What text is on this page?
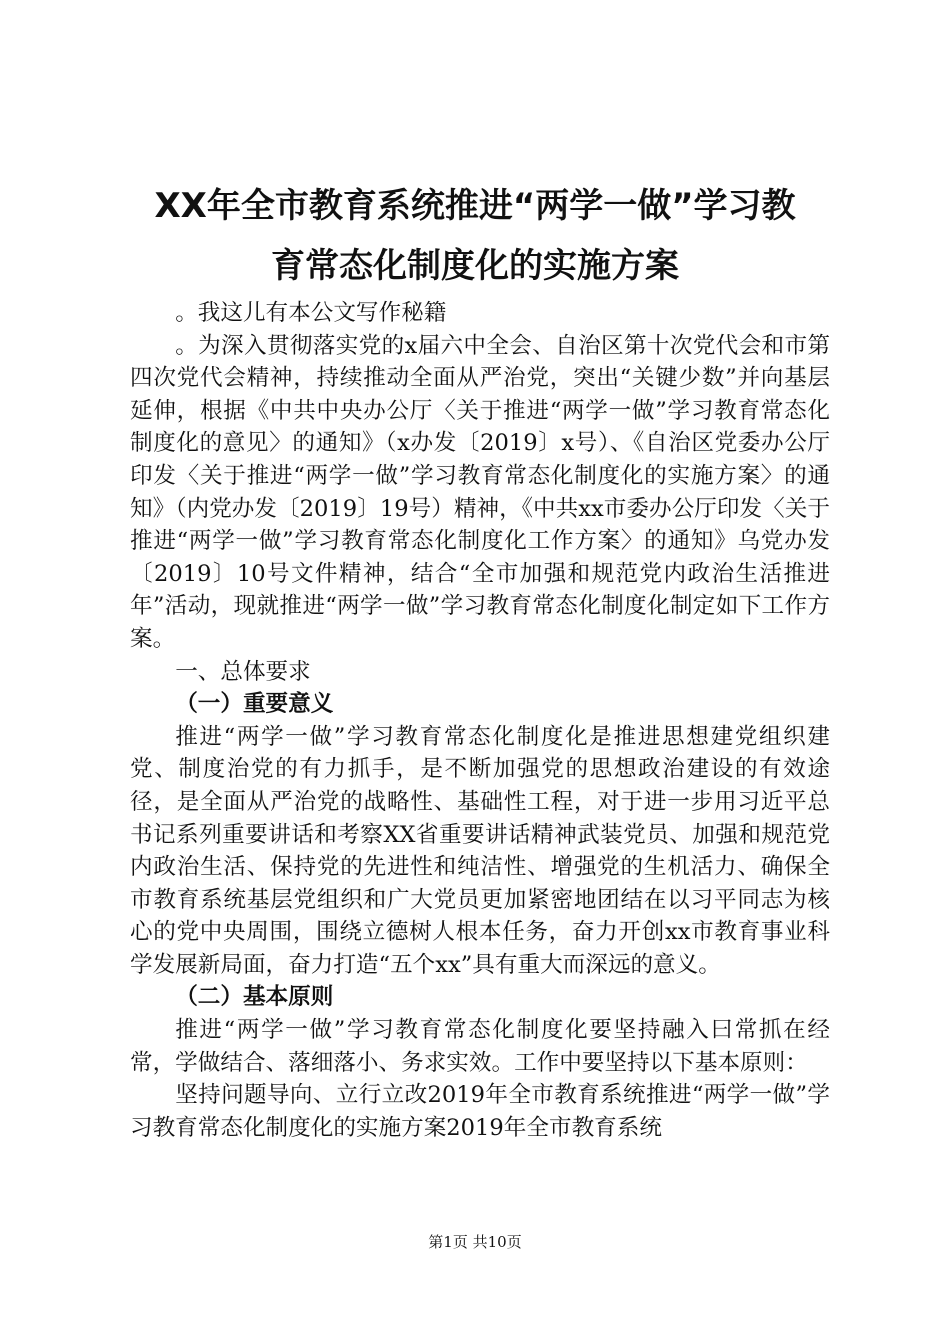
XX年全市教育系统推进“两学一做”学习教
育常态化制度化的实施方案

。我这儿有本公文写作秘籍

。为深入贯彻落实党的x届六中全会、自治区第十次党代会和市第四次党代会精神，持续推动全面从严治党，突出“关键少数”并向基层延伸，根据《中共中央办公厅〈关于推进“两学一做”学习教育常态化制度化的意见〉的通知》（x办发〔2019〕x号）、《自治区党委办公厅印发〈关于推进“两学一做”学习教育常态化制度化的实施方案〉的通知》（内党办发〔2019〕19号）精神，《中共xx市委办公厅印发〈关于推进“两学一做”学习教育常态化制度化工作方案〉的通知》乌党办发〔2019〕10号文件精神，结合“全市加强和规范党内政治生活推进年”活动，现就推进“两学一做”学习教育常态化制度化制定如下工作方案。

一、总体要求

（一）重要意义

推进“两学一做”学习教育常态化制度化是推进思想建党组织建党、制度治党的有力抓手，是不断加强党的思想政治建设的有效途径，是全面从严治党的战略性、基础性工程，对于进一步用习近平总书记系列重要讲话和考察XX省重要讲话精神武装党员、加强和规范党内政治生活、保持党的先进性和纯洁性、增强党的生机活力、确保全市教育系统基层党组织和广大党员更加紧密地团结在以习平同志为核心的党中央周围，围绕立德树人根本任务，奋力开创xx市教育事业科学发展新局面，奋力打造“五个xx”具有重大而深远的意义。

（二）基本原则

推进“两学一做”学习教育常态化制度化要坚持融入曰常抓在经常，学做结合、落细落小、务求实效。工作中要坚持以下基本原则：

坚持问题导向、立行立改2019年全市教育系统推进“两学一做”学习教育常态化制度化的实施方案2019年全市教育系统

第1页 共10页
